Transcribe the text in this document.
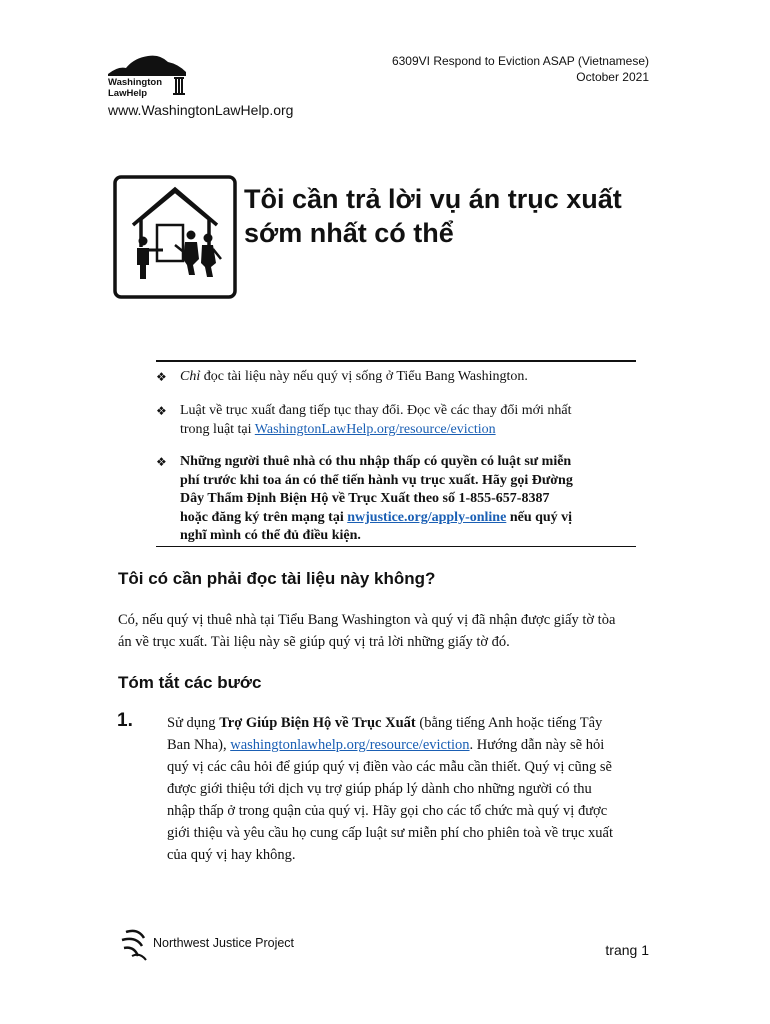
Washington
LawHelp
www.WashingtonLawHelp.org
6309VI Respond to Eviction ASAP (Vietnamese)
October 2021
Tôi cần trả lời vụ án trục xuất
sớm nhất có thể
❖ Chỉ đọc tài liệu này nếu quý vị sống ở Tiểu Bang Washington.
❖ Luật về trục xuất đang tiếp tục thay đổi. Đọc về các thay đổi mới nhất
trong luật tại WashingtonLawHelp.org/resource/eviction
❖ Những người thuê nhà có thu nhập thấp có quyền có luật sư miễn
phí trước khi toa án có thể tiến hành vụ trục xuất. Hãy gọi Đường
Dây Thẩm Định Biện Hộ về Trục Xuất theo số 1-855-657-8387
hoặc đăng ký trên mạng tại nwjustice.org/apply-online nếu quý vị
nghĩ mình có thể đủ điều kiện.
Tôi có cần phải đọc tài liệu này không?
Có, nếu quý vị thuê nhà tại Tiểu Bang Washington và quý vị đã nhận được giấy tờ tòa
án về trục xuất. Tài liệu này sẽ giúp quý vị trả lời những giấy tờ đó.
Tóm tắt các bước
1. Sử dụng Trợ Giúp Biện Hộ về Trục Xuất (bằng tiếng Anh hoặc tiếng Tây
Ban Nha), washingtonlawhelp.org/resource/eviction. Hướng dẫn này sẽ hỏi
quý vị các câu hỏi để giúp quý vị điền vào các mẫu cần thiết. Quý vị cũng sẽ
được giới thiệu tới dịch vụ trợ giúp pháp lý dành cho những người có thu
nhập thấp ở trong quận của quý vị. Hãy gọi cho các tổ chức mà quý vị được
giới thiệu và yêu cầu họ cung cấp luật sư miễn phí cho phiên toà về trục xuất
của quý vị hay không.
Northwest Justice Project	trang 1
